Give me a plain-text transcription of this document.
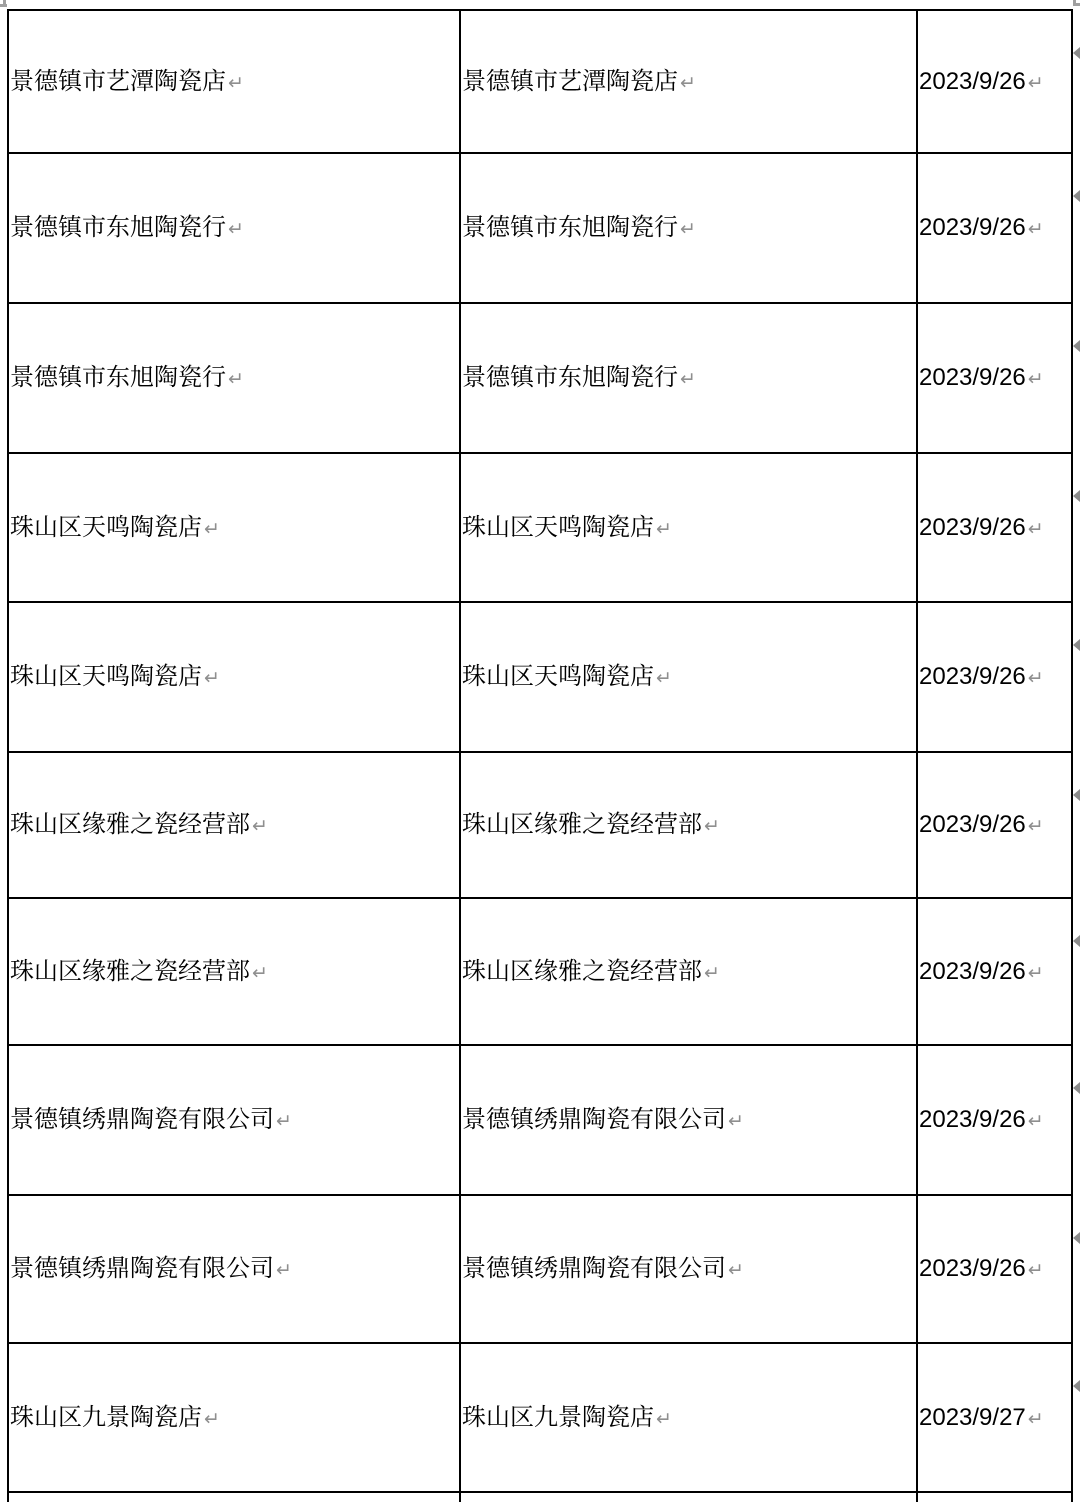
景德镇市艺潭陶瓷店 ↵	景德镇市艺潭陶瓷店 ↵	2023/9/26 ↵
景德镇市东旭陶瓷行 ↵	景德镇市东旭陶瓷行 ↵	2023/9/26 ↵
景德镇市东旭陶瓷行 ↵	景德镇市东旭陶瓷行 ↵	2023/9/26 ↵
珠山区天鸣陶瓷店 ↵	珠山区天鸣陶瓷店 ↵	2023/9/26 ↵
珠山区天鸣陶瓷店 ↵	珠山区天鸣陶瓷店 ↵	2023/9/26 ↵
珠山区缘雅之瓷经营部 ↵	珠山区缘雅之瓷经营部 ↵	2023/9/26 ↵
珠山区缘雅之瓷经营部 ↵	珠山区缘雅之瓷经营部 ↵	2023/9/26 ↵
景德镇绣鼎陶瓷有限公司 ↵	景德镇绣鼎陶瓷有限公司 ↵	2023/9/26 ↵
景德镇绣鼎陶瓷有限公司 ↵	景德镇绣鼎陶瓷有限公司 ↵	2023/9/26 ↵
珠山区九景陶瓷店 ↵	珠山区九景陶瓷店 ↵	2023/9/27 ↵
